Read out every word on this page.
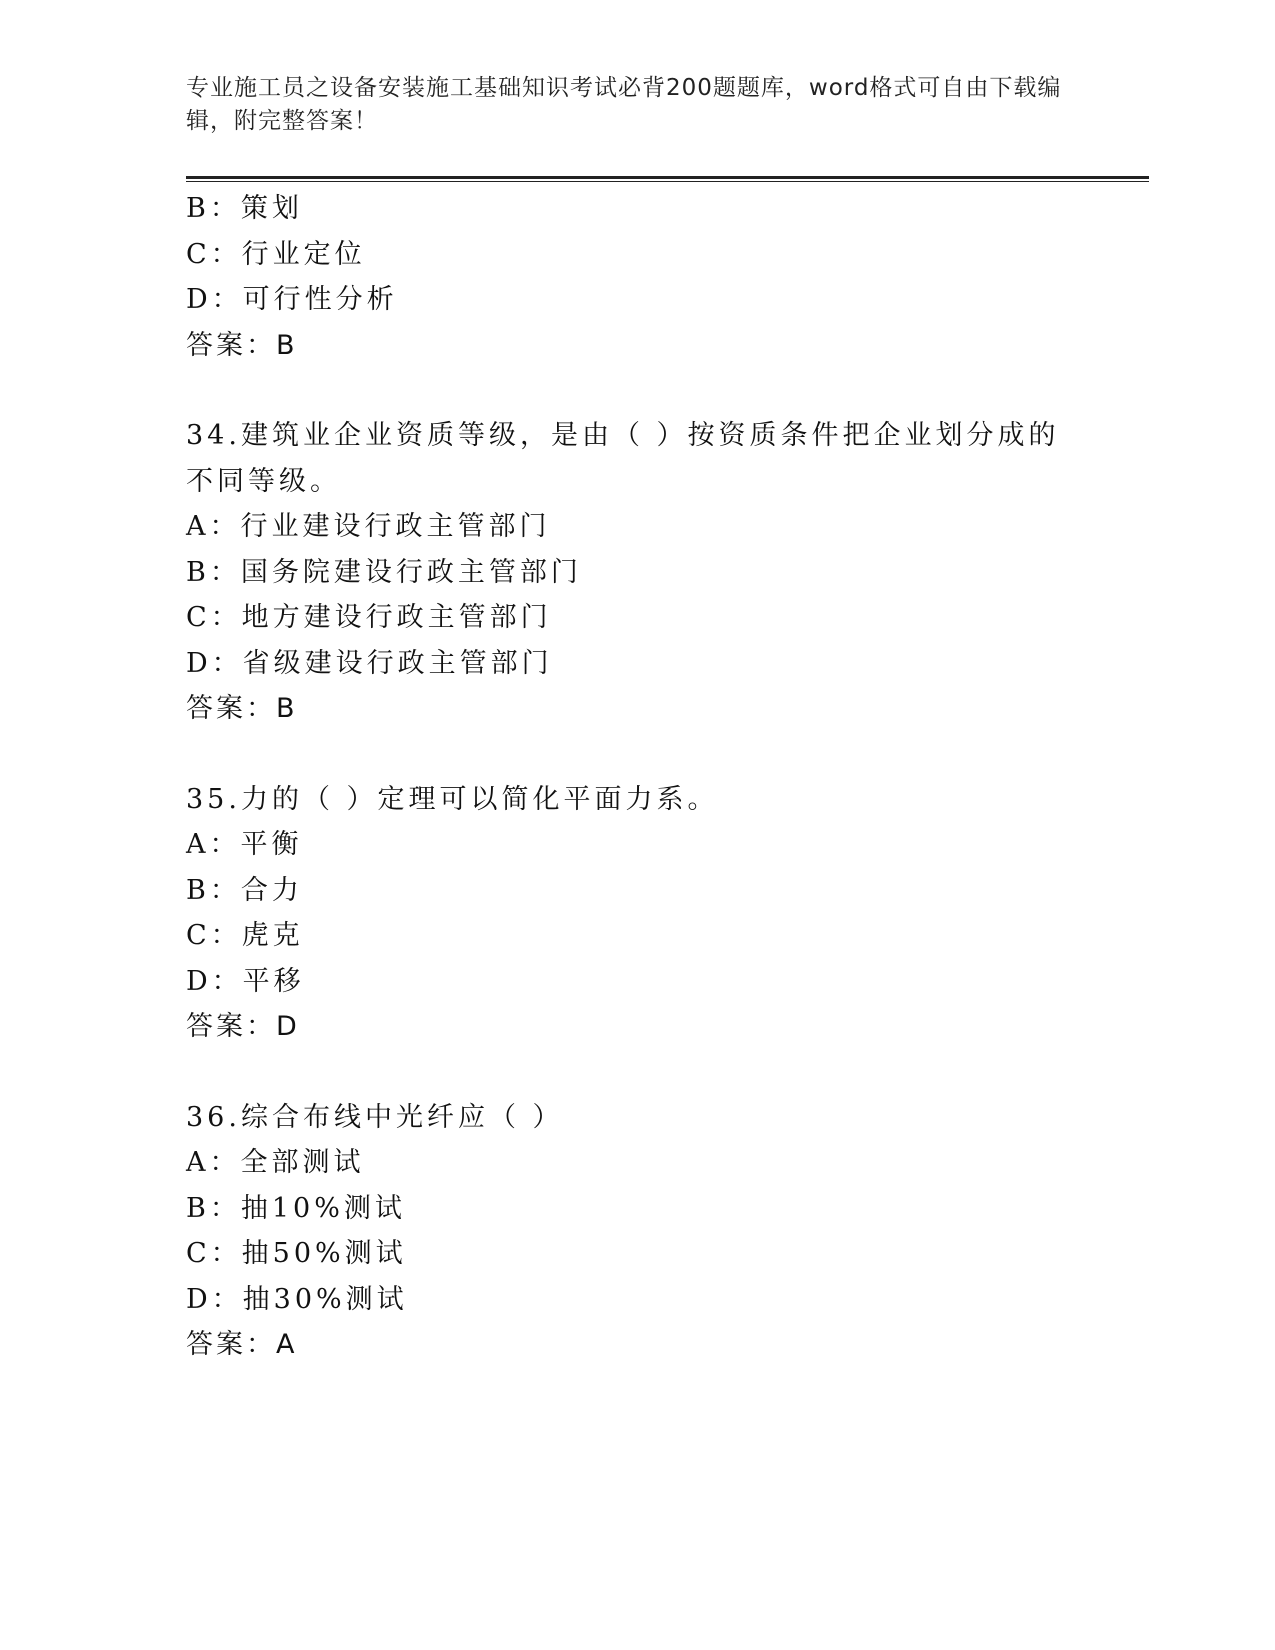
专业施工员之设备安装施工基础知识考试必背200题题库，word格式可自由下载编辑，附完整答案！
B：策划
C：行业定位
D：可行性分析
答案：B
34.建筑业企业资质等级，是由（ ）按资质条件把企业划分成的不同等级。
A：行业建设行政主管部门
B：国务院建设行政主管部门
C：地方建设行政主管部门
D：省级建设行政主管部门
答案：B
35.力的（ ）定理可以简化平面力系。
A：平衡
B：合力
C：虎克
D：平移
答案：D
36.综合布线中光纤应（ ）
A：全部测试
B：抽10%测试
C：抽50%测试
D：抽30%测试
答案：A
